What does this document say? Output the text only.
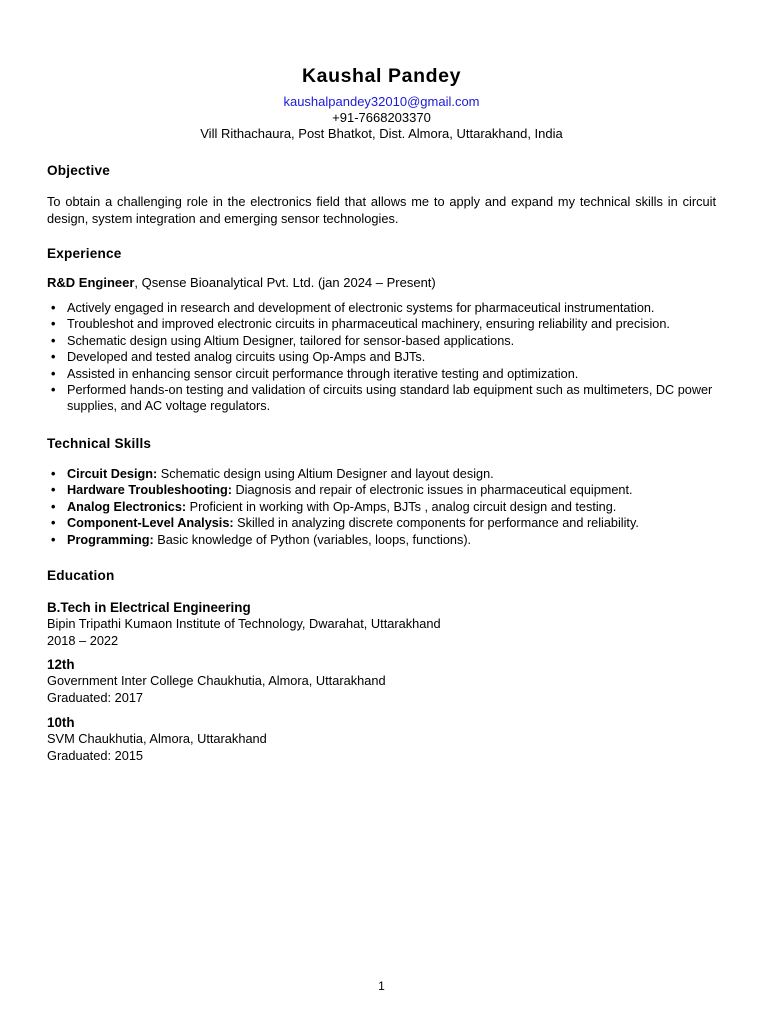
Kaushal Pandey
kaushalpandey32010@gmail.com
+91-7668203370
Vill Rithachaura, Post Bhatkot, Dist. Almora, Uttarakhand, India
Objective

To obtain a challenging role in the electronics field that allows me to apply and expand my technical skills in circuit design, system integration and emerging sensor technologies.

Experience
R&D Engineer, Qsense Bioanalytical Pvt. Ltd. (jan 2024 – Present)
• Actively engaged in research and development of electronic systems for pharmaceutical instrumentation.
• Troubleshot and improved electronic circuits in pharmaceutical machinery, ensuring reliability and precision.
• Schematic design using Altium Designer, tailored for sensor-based applications.
• Developed and tested analog circuits using Op-Amps and BJTs.
• Assisted in enhancing sensor circuit performance through iterative testing and optimization.
• Performed hands-on testing and validation of circuits using standard lab equipment such as multimeters, DC power supplies, and AC voltage regulators.
Technical Skills
• Circuit Design: Schematic design using Altium Designer and layout design.
• Hardware Troubleshooting: Diagnosis and repair of electronic issues in pharmaceutical equipment.
• Analog Electronics: Proficient in working with Op-Amps, BJTs , analog circuit design and testing.
• Component-Level Analysis: Skilled in analyzing discrete components for performance and reliability.
• Programming: Basic knowledge of Python (variables, loops, functions).
Education
B.Tech in Electrical Engineering
Bipin Tripathi Kumaon Institute of Technology, Dwarahat, Uttarakhand
2018 – 2022
12th
Government Inter College Chaukhutia, Almora, Uttarakhand
Graduated: 2017
10th
SVM Chaukhutia, Almora, Uttarakhand
Graduated: 2015
1
